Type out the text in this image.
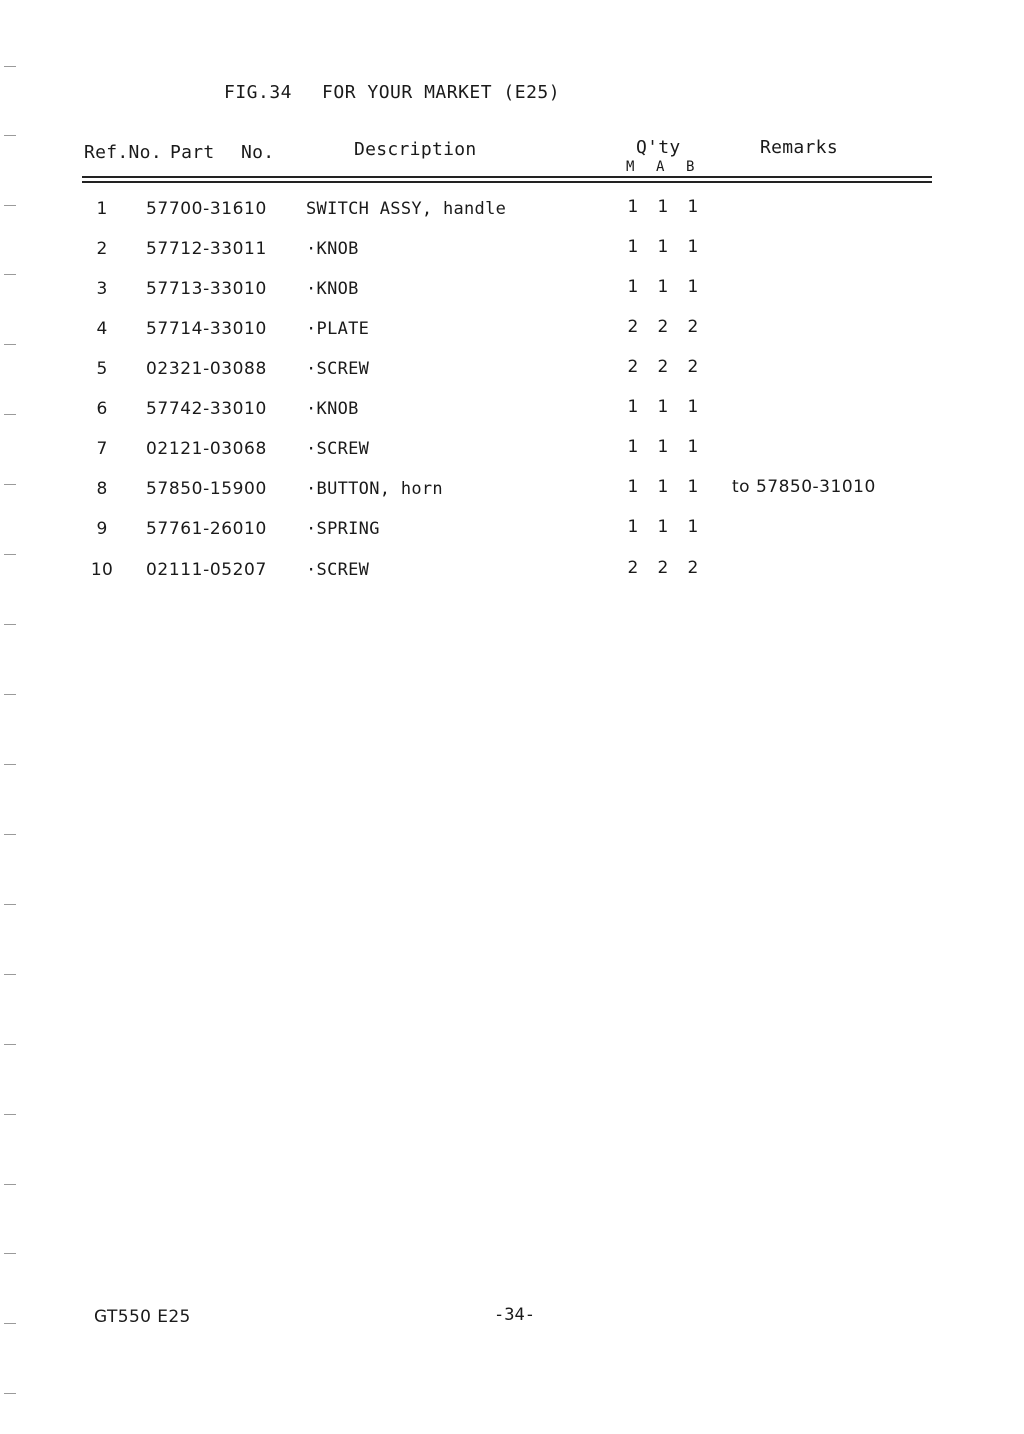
FIG.34 FOR YOUR MARKET (E25)
Ref.No. Part No.	Description	Q'ty
M A B
Remarks
1	57700-31610 SWITCH ASSY, handle	1 1 1
2	57712-33011 ·KNOB	1 1 1
3	57713-33010 ·KNOB	1 1 1
4	57714-33010 ·PLATE	2 2 2
5	02321-03088 ·SCREW	2 2 2
6	57742-33010 ·KNOB	1 1 1
7	02121-03068 ·SCREW	1 1 1
8	57850-15900 ·BUTTON, horn	1 1 1 to 57850-31010
9	57761-26010 ·SPRING	1 1 1
10 02111-05207 ·SCREW	2 2 2
GT550 E25	-34-
